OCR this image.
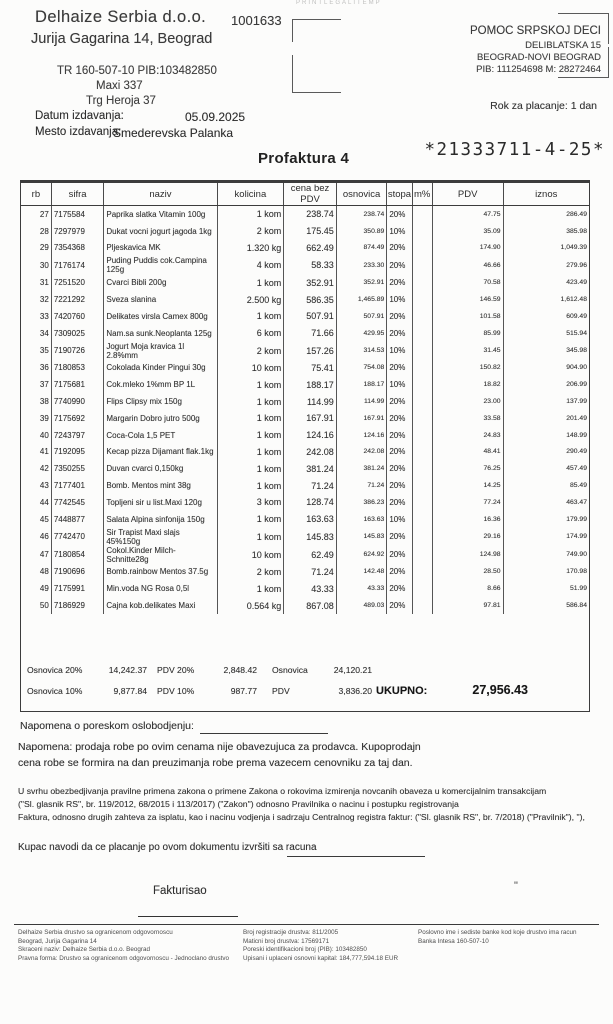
PRINTLEGALITEMP
Delhaize Serbia d.o.o.
Jurija Gagarina 14, Beograd
1001633
TR 160-507-10 PIB:103482850
Maxi 337
Trg Heroja 37
Datum izdavanja:	05.09.2025
Mesto izdavanja:
Smederevska Palanka
POMOC SRPSKOJ DECI
DELIBLATSKA 15
BEOGRAD-NOVI BEOGRAD
PIB: 111254698 M: 28272464
Rok za placanje: 1 dan
Profaktura 4	*21333711-4-25*
rb	sifra	naziv	kolicina	cena bez PDV	osnovica	stopa	m%	PDV	iznos
27	7175584	Paprika slatka Vitamin 100g	1 kom	238.74	238.74	20%		47.75	286.49
28	7297979	Dukat vocni jogurt jagoda 1kg	2 kom	175.45	350.89	10%		35.09	385.98
29	7354368	Pljeskavica MK	1.320 kg	662.49	874.49	20%		174.90	1,049.39
30	7176174	Puding Puddis cok.Campina 125g	4 kom	58.33	233.30	20%		46.66	279.96
31	7251520	Cvarci Bibli 200g	1 kom	352.91	352.91	20%		70.58	423.49
32	7221292	Sveza slanina	2.500 kg	586.35	1,465.89	10%		146.59	1,612.48
33	7420760	Delikates virsla Camex 800g	1 kom	507.91	507.91	20%		101.58	609.49
34	7309025	Nam.sa sunk.Neoplanta 125g	6 kom	71.66	429.95	20%		85.99	515.94
35	7190726	Jogurt Moja kravica 1l 2.8%mm	2 kom	157.26	314.53	10%		31.45	345.98
36	7180853	Cokolada Kinder Pingui 30g	10 kom	75.41	754.08	20%		150.82	904.90
37	7175681	Cok.mleko 1%mm BP 1L	1 kom	188.17	188.17	10%		18.82	206.99
38	7740990	Flips Clipsy mix 150g	1 kom	114.99	114.99	20%		23.00	137.99
39	7175692	Margarin Dobro jutro 500g	1 kom	167.91	167.91	20%		33.58	201.49
40	7243797	Coca-Cola 1,5 PET	1 kom	124.16	124.16	20%		24.83	148.99
41	7192095	Kecap pizza Dijamant flak.1kg	1 kom	242.08	242.08	20%		48.41	290.49
42	7350255	Duvan cvarci 0,150kg	1 kom	381.24	381.24	20%		76.25	457.49
43	7177401	Bomb. Mentos mint 38g	1 kom	71.24	71.24	20%		14.25	85.49
44	7742545	Topljeni sir u list.Maxi 120g	3 kom	128.74	386.23	20%		77.24	463.47
45	7448877	Salata Alpina sinfonija 150g	1 kom	163.63	163.63	10%		16.36	179.99
46	7742470	Sir Trapist Maxi slajs 45%150g	1 kom	145.83	145.83	20%		29.16	174.99
47	7180854	Cokol.Kinder Milch-Schnitte28g	10 kom	62.49	624.92	20%		124.98	749.90
48	7190696	Bomb.rainbow Mentos 37.5g	2 kom	71.24	142.48	20%		28.50	170.98
49	7175991	Min.voda NG Rosa 0,5l	1 kom	43.33	43.33	20%		8.66	51.99
50	7186929	Cajna kob.delikates Maxi	0.564 kg	867.08	489.03	20%		97.81	586.84
Osnovica 20%	14,242.37	PDV 20%	2,848.42	Osnovica	24,120.21
Osnovica 10%	9,877.84	PDV 10%	987.77	PDV	3,836.20 UKUPNO:	27,956.43
Napomena o poreskom oslobodjenju:
Napomena: prodaja robe po ovim cenama nije obavezujuca za prodavca. Kupoprodajn
cena robe se formira na dan preuzimanja robe prema vazecem cenovniku za taj dan.
U svrhu obezbedjivanja pravilne primena zakona o primene Zakona o rokovima izmirenja novcanih obaveza u komercijalnim transakcijam
("Sl. glasnik RS", br. 119/2012, 68/2015 i 113/2017) ("Zakon") odnosno Pravilnika o nacinu i postupku registrovanja
Faktura, odnosno drugih zahteva za isplatu, kao i nacinu vodjenja i sadrzaju Centralnog registra faktur: ("Sl. glasnik RS", br. 7/2018) ("Pravilnik"), "),
Kupac navodi da ce placanje po ovom dokumentu izvršiti sa racuna
Fakturisao	"
Delhaize Serbia drustvo sa ogranicenom odgovornoscu
Beograd, Jurija Gagarina 14
Skraceni naziv: Delhaize Serbia d.o.o. Beograd
Pravna forma: Drustvo sa ogranicenom odgovornoscu - Jednoclano drustvo
Broj registracije drustva: 811/2005
Maticni broj drustva: 17569171
Poreski identifikacioni broj (PIB): 103482850
Upisani i uplaceni osnovni kapital: 184,777,594.18 EUR
Poslovno ime i sediste banke kod koje drustvo ima racun
Banka Intesa 160-507-10
